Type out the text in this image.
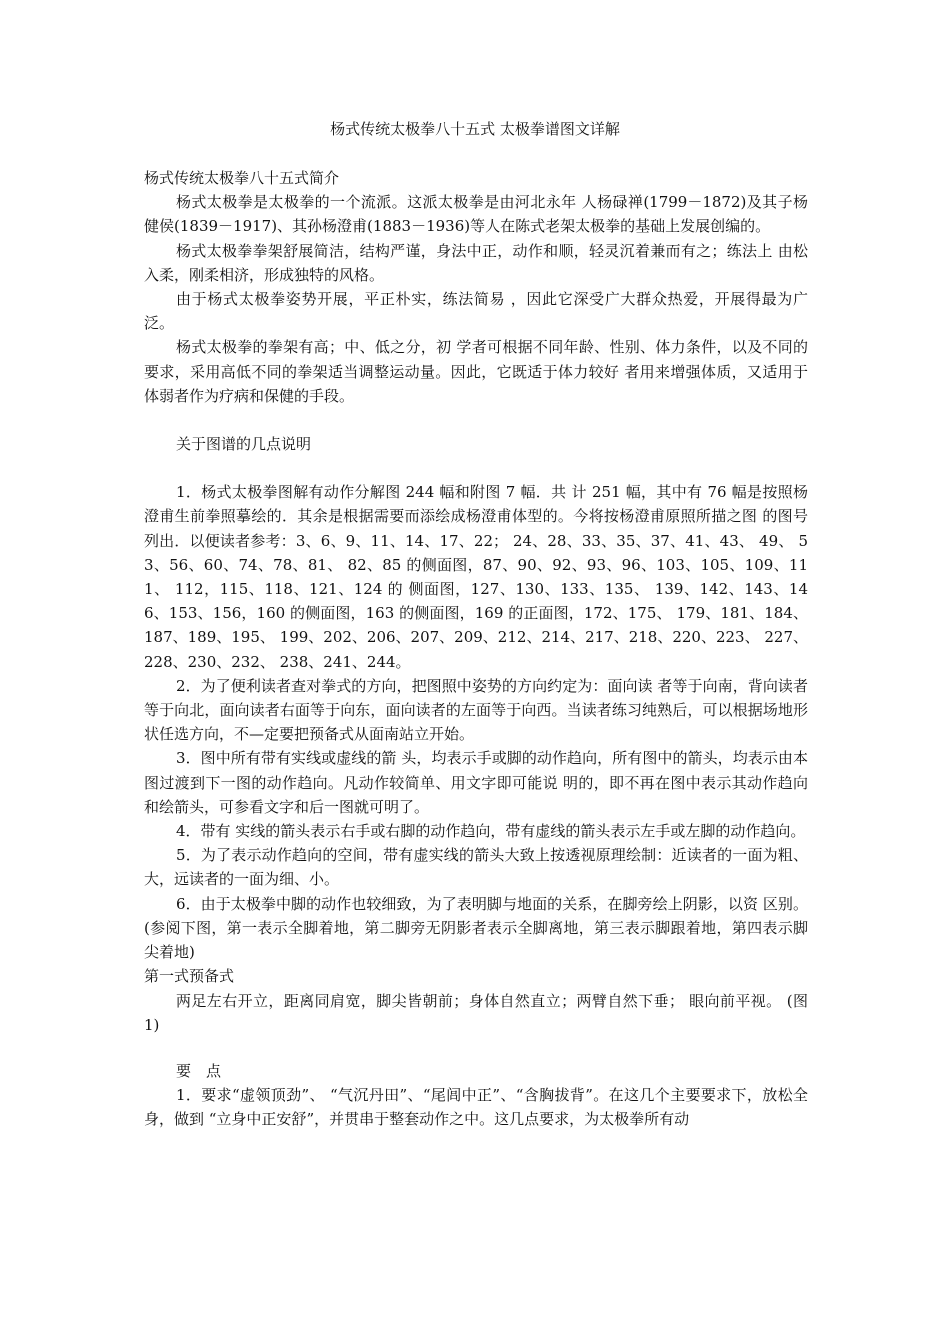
杨式传统太极拳八十五式 太极拳谱图文详解

杨式传统太极拳八十五式简介

杨式太极拳是太极拳的一个流派。这派太极拳是由河北永年 人杨碌禅(1799－1872)及其子杨健侯(1839－1917)、其孙杨澄甫(1883－1936)等人在陈式老架太极拳的基础上发展创编的。

杨式太极拳拳架舒展简洁，结构严谨，身法中正，动作和顺，轻灵沉着兼而有之；练法上 由松入柔，刚柔相济，形成独特的风格。

由于杨式太极拳姿势开展，平正朴实，练法简易 ，因此它深受广大群众热爱，开展得最为广泛。

杨式太极拳的拳架有高；中、低之分，初 学者可根据不同年龄、性别、体力条件，以及不同的要求，采用高低不同的拳架适当调整运动量。因此，它既适于体力较好 者用来增强体质，又适用于体弱者作为疗病和保健的手段。

关于图谱的几点说明

1．杨式太极拳图解有动作分解图 244 幅和附图 7 幅．共 计 251 幅，其中有 76 幅是按照杨澄甫生前拳照摹绘的．其余是根据需要而添绘成杨澄甫体型的。今将按杨澄甫原照所描之图 的图号列出．以便读者参考：3、6、9、11、14、17、22； 24、28、33、35、37、41、43、 49、 53、56、60、74、78、81、 82、85 的侧面图，87、90、92、93、96、103、105、109、111、 112，115、118、121、124 的 侧面图，127、130、133、135、 139、142、143、146、153、156，160 的侧面图，163 的侧面图，169 的正面图，172、175、 179、181、184、187、189、195、 199、202、206、207、209、212、214、217、218、220、223、 227、228、230、232、 238、241、244。

2．为了便利读者查对拳式的方向，把图照中姿势的方向约定为：面向读 者等于向南，背向读者等于向北，面向读者右面等于向东，面向读者的左面等于向西。当读者练习纯熟后，可以根据场地形 状任选方向，不—定要把预备式从面南站立开始。

3．图中所有带有实线或虚线的箭 头，均表示手或脚的动作趋向，所有图中的箭头，均表示由本图过渡到下一图的动作趋向。凡动作较简单、用文字即可能说 明的，即不再在图中表示其动作趋向和绘箭头，可参看文字和后一图就可明了。

4．带有 实线的箭头表示右手或右脚的动作趋向，带有虚线的箭头表示左手或左脚的动作趋向。

5．为了表示动作趋向的空间，带有虚实线的箭头大致上按透视原理绘制：近读者的一面为粗、大，远读者的一面为细、小。

6．由于太极拳中脚的动作也较细致，为了表明脚与地面的关系，在脚旁绘上阴影，以资 区别。(参阅下图，第一表示全脚着地，第二脚旁无阴影者表示全脚离地，第三表示脚跟着地，第四表示脚尖着地)

第一式预备式

两足左右开立，距离同肩宽，脚尖皆朝前；身体自然直立；两臂自然下垂； 眼向前平视。 (图 1)

要　点

1．要求“虚领顶劲”、 “气沉丹田”、“尾闾中正”、“含胸拔背”。在这几个主要要求下，放松全身，做到 “立身中正安舒”，并贯串于整套动作之中。这几点要求，为太极拳所有动
